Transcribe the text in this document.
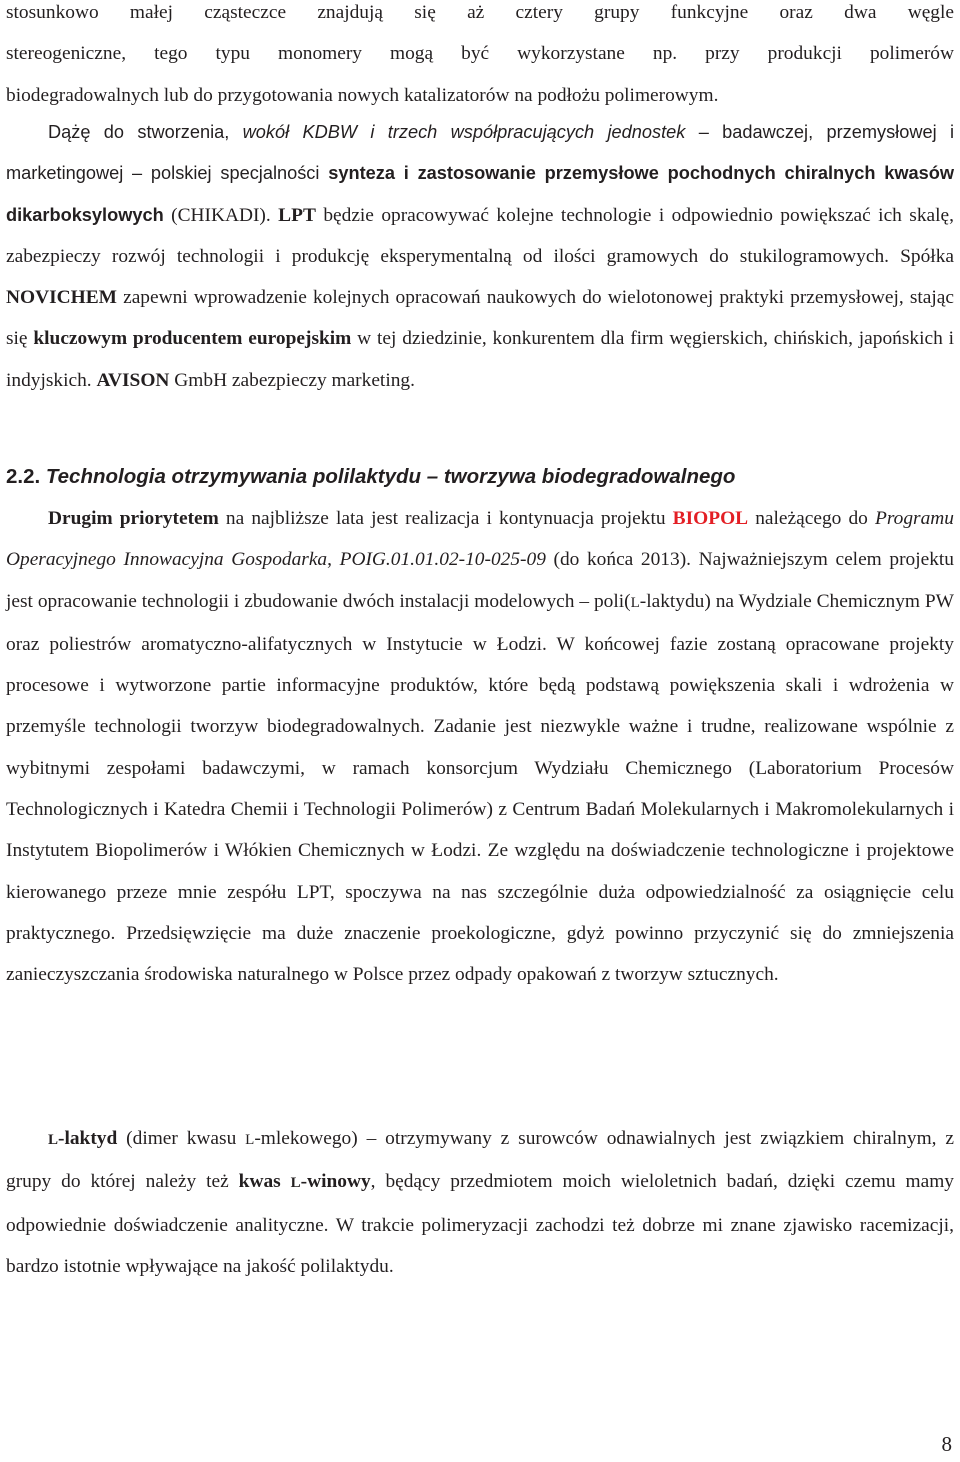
stosunkowo małej cząsteczce znajdują się aż cztery grupy funkcyjne oraz dwa węgle
stereogeniczne, tego typu monomery mogą być wykorzystane np. przy produkcji polimerów
biodegradowalnych lub do przygotowania nowych katalizatorów na podłożu polimerowym.

Dążę do stworzenia, wokół KDBW i trzech współpracujących jednostek – badawczej, przemysłowej i marketingowej – polskiej specjalności synteza i zastosowanie przemysłowe pochodnych chiralnych kwasów dikarboksylowych (CHIKADI). LPT będzie opracowywać kolejne technologie i odpowiednio powiększać ich skalę, zabezpieczy rozwój technologii i produkcję eksperymentalną od ilości gramowych do stukilogramowych. Spółka NOVICHEM zapewni wprowadzenie kolejnych opracowań naukowych do wielotonowej praktyki przemysłowej, stając się kluczowym producentem europejskim w tej dziedzinie, konkurentem dla firm węgierskich, chińskich, japońskich i indyjskich. AVISON GmbH zabezpieczy marketing.

2.2. Technologia otrzymywania polilaktydu – tworzywa biodegradowalnego

Drugim priorytetem na najbliższe lata jest realizacja i kontynuacja projektu BIOPOL należącego do Programu Operacyjnego Innowacyjna Gospodarka, POIG.01.01.02-10-025-09 (do końca 2013). Najważniejszym celem projektu jest opracowanie technologii i zbudowanie dwóch instalacji modelowych – poli(L-laktydu) na Wydziale Chemicznym PW oraz poliestrów aromatyczno-alifatycznych w Instytucie w Łodzi. W końcowej fazie zostaną opracowane projekty procesowe i wytworzone partie informacyjne produktów, które będą podstawą powiększenia skali i wdrożenia w przemyśle technologii tworzyw biodegradowalnych. Zadanie jest niezwykle ważne i trudne, realizowane wspólnie z wybitnymi zespołami badawczymi, w ramach konsorcjum Wydziału Chemicznego (Laboratorium Procesów Technologicznych i Katedra Chemii i Technologii Polimerów) z Centrum Badań Molekularnych i Makromolekularnych i Instytutem Biopolimerów i Włókien Chemicznych w Łodzi. Ze względu na doświadczenie technologiczne i projektowe kierowanego przeze mnie zespółu LPT, spoczywa na nas szczególnie duża odpowiedzialność za osiągnięcie celu praktycznego. Przedsięwzięcie ma duże znaczenie proekologiczne, gdyż powinno przyczynić się do zmniejszenia zanieczyszczania środowiska naturalnego w Polsce przez odpady opakowań z tworzyw sztucznych.

L-laktyd (dimer kwasu L-mlekowego) – otrzymywany z surowców odnawialnych jest związkiem chiralnym, z grupy do której należy też kwas L-winowy, będący przedmiotem moich wieloletnich badań, dzięki czemu mamy odpowiednie doświadczenie analityczne. W trakcie polimeryzacji zachodzi też dobrze mi znane zjawisko racemizacji, bardzo istotnie wpływające na jakość polilaktydu.

8
